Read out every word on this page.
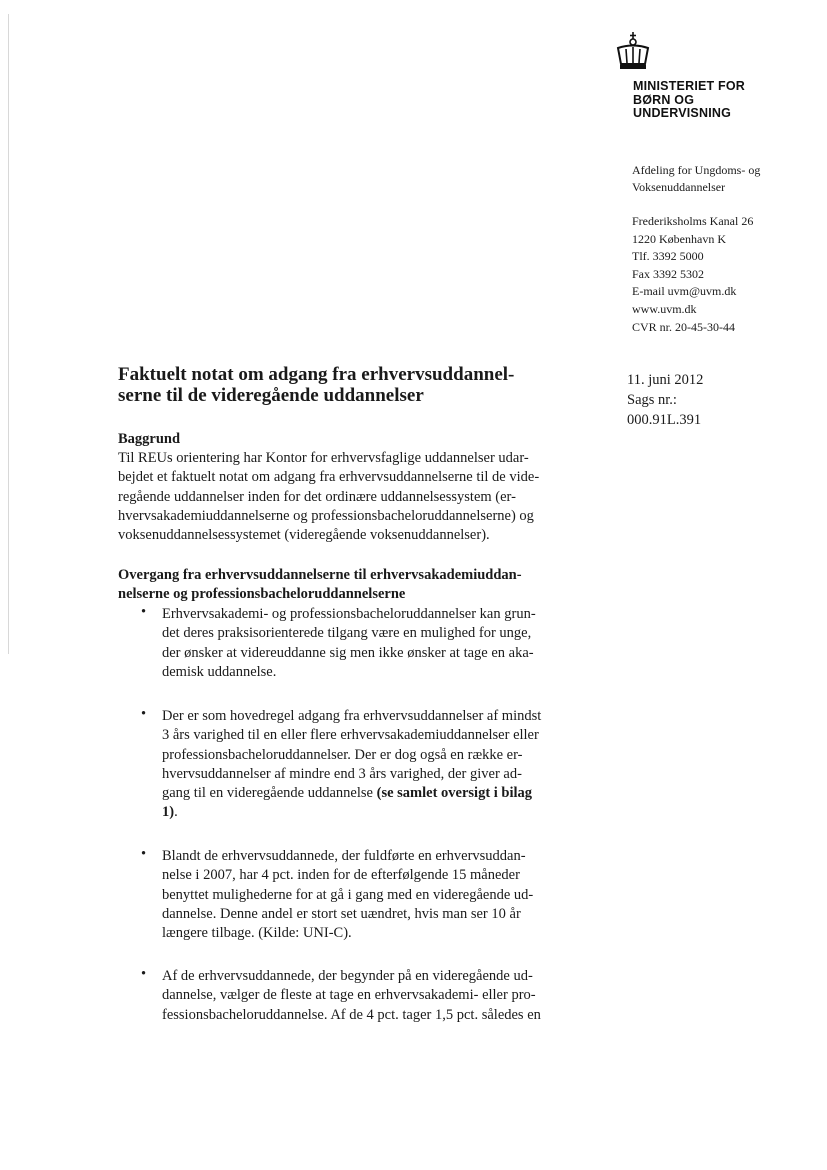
MINISTERIET FOR
BØRN OG
UNDERVISNING
Afdeling for Ungdoms- og
Voksenuddannelser
Frederiksholms Kanal 26
1220 København K
Tlf. 3392 5000
Fax 3392 5302
E-mail uvm@uvm.dk
www.uvm.dk
CVR nr. 20-45-30-44
11. juni 2012
Sags nr.:
000.91L.391
Faktuelt notat om adgang fra erhvervsuddannel-
serne til de videregående uddannelser
Baggrund
Til REUs orientering har Kontor for erhvervsfaglige uddannelser udar-
bejdet et faktuelt notat om adgang fra erhvervsuddannelserne til de vide-
regående uddannelser inden for det ordinære uddannelsessystem (er-
hvervsakademiuddannelserne og professionsbacheloruddannelserne) og
voksenuddannelsessystemet (videregående voksenuddannelser).
Overgang fra erhvervsuddannelserne til erhvervsakademiuddan-
nelserne og professionsbacheloruddannelserne
• Erhvervsakademi- og professionsbacheloruddannelser kan grun-
det deres praksisorienterede tilgang være en mulighed for unge,
der ønsker at videreuddanne sig men ikke ønsker at tage en aka-
demisk uddannelse.
• Der er som hovedregel adgang fra erhvervsuddannelser af mindst
3 års varighed til en eller flere erhvervsakademiuddannelser eller
professionsbacheloruddannelser. Der er dog også en række er-
hvervsuddannelser af mindre end 3 års varighed, der giver ad-
gang til en videregående uddannelse (se samlet oversigt i bilag
1).
• Blandt de erhvervsuddannede, der fuldførte en erhvervsuddan-
nelse i 2007, har 4 pct. inden for de efterfølgende 15 måneder
benyttet mulighederne for at gå i gang med en videregående ud-
dannelse. Denne andel er stort set uændret, hvis man ser 10 år
længere tilbage. (Kilde: UNI-C).
• Af de erhvervsuddannede, der begynder på en videregående ud-
dannelse, vælger de fleste at tage en erhvervsakademi- eller pro-
fessionsbacheloruddannelse. Af de 4 pct. tager 1,5 pct. således en
